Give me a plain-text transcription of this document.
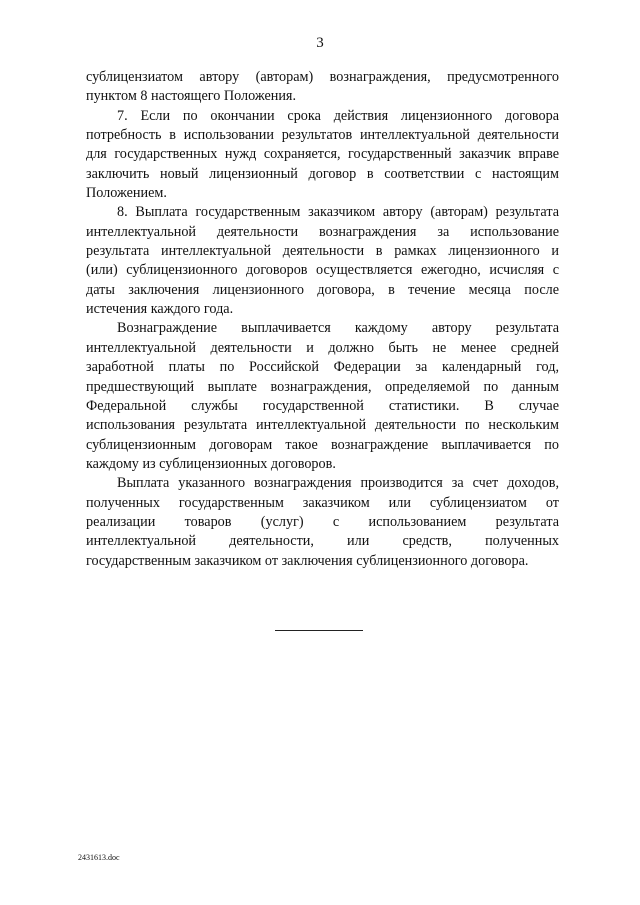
3
сублицензиатом автору (авторам) вознаграждения, предусмотренного
пунктом 8 настоящего Положения.
7. Если по окончании срока действия лицензионного договора
потребность в использовании результатов интеллектуальной деятельности
для государственных нужд сохраняется, государственный заказчик вправе
заключить новый лицензионный договор в соответствии с настоящим
Положением.
8. Выплата государственным заказчиком автору (авторам) результата
интеллектуальной деятельности вознаграждения за использование
результата интеллектуальной деятельности в рамках лицензионного и
(или) сублицензионного договоров осуществляется ежегодно, исчисляя с
даты заключения лицензионного договора, в течение месяца после
истечения каждого года.
Вознаграждение выплачивается каждому автору результата
интеллектуальной деятельности и должно быть не менее средней
заработной платы по Российской Федерации за календарный год,
предшествующий выплате вознаграждения, определяемой по данным
Федеральной службы государственной статистики. В случае
использования результата интеллектуальной деятельности по нескольким
сублицензионным договорам такое вознаграждение выплачивается по
каждому из сублицензионных договоров.
Выплата указанного вознаграждения производится за счет доходов,
полученных государственным заказчиком или сублицензиатом от
реализации товаров (услуг) с использованием результата
интеллектуальной деятельности, или средств, полученных
государственным заказчиком от заключения сублицензионного договора.
2431613.doc
